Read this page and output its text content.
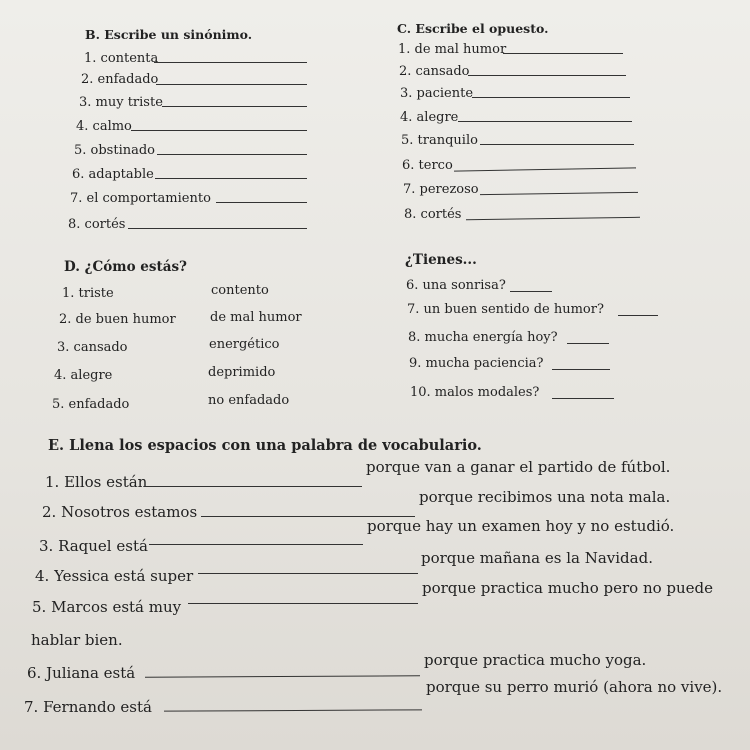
B. Escribe un sinónimo.
1. contenta
2. enfadado
3. muy triste
4. calmo
5. obstinado
6. adaptable
7. el comportamiento
8. cortés
C. Escribe el opuesto.
1. de mal humor
2. cansado
3. paciente
4. alegre
5. tranquilo
6. terco
7. perezoso
8. cortés
D. ¿Cómo estás?
1. triste
2. de buen humor
3. cansado
4. alegre
5. enfadado
contento
de mal humor
energético
deprimido
no enfadado
¿Tienes...
6. una sonrisa?
7. un buen sentido de humor?
8. mucha energía hoy?
9. mucha paciencia?
10. malos modales?
E. Llena los espacios con una palabra de vocabulario.
1. Ellos están
porque van a ganar el partido de fútbol.
2. Nosotros estamos
porque recibimos una nota mala.
3. Raquel está
porque hay un examen hoy y no estudió.
4. Yessica está super
porque mañana es la Navidad.
5. Marcos está muy
porque practica mucho pero no puede
hablar bien.
6. Juliana está
porque practica mucho yoga.
7. Fernando está
porque su perro murió (ahora no vive).
